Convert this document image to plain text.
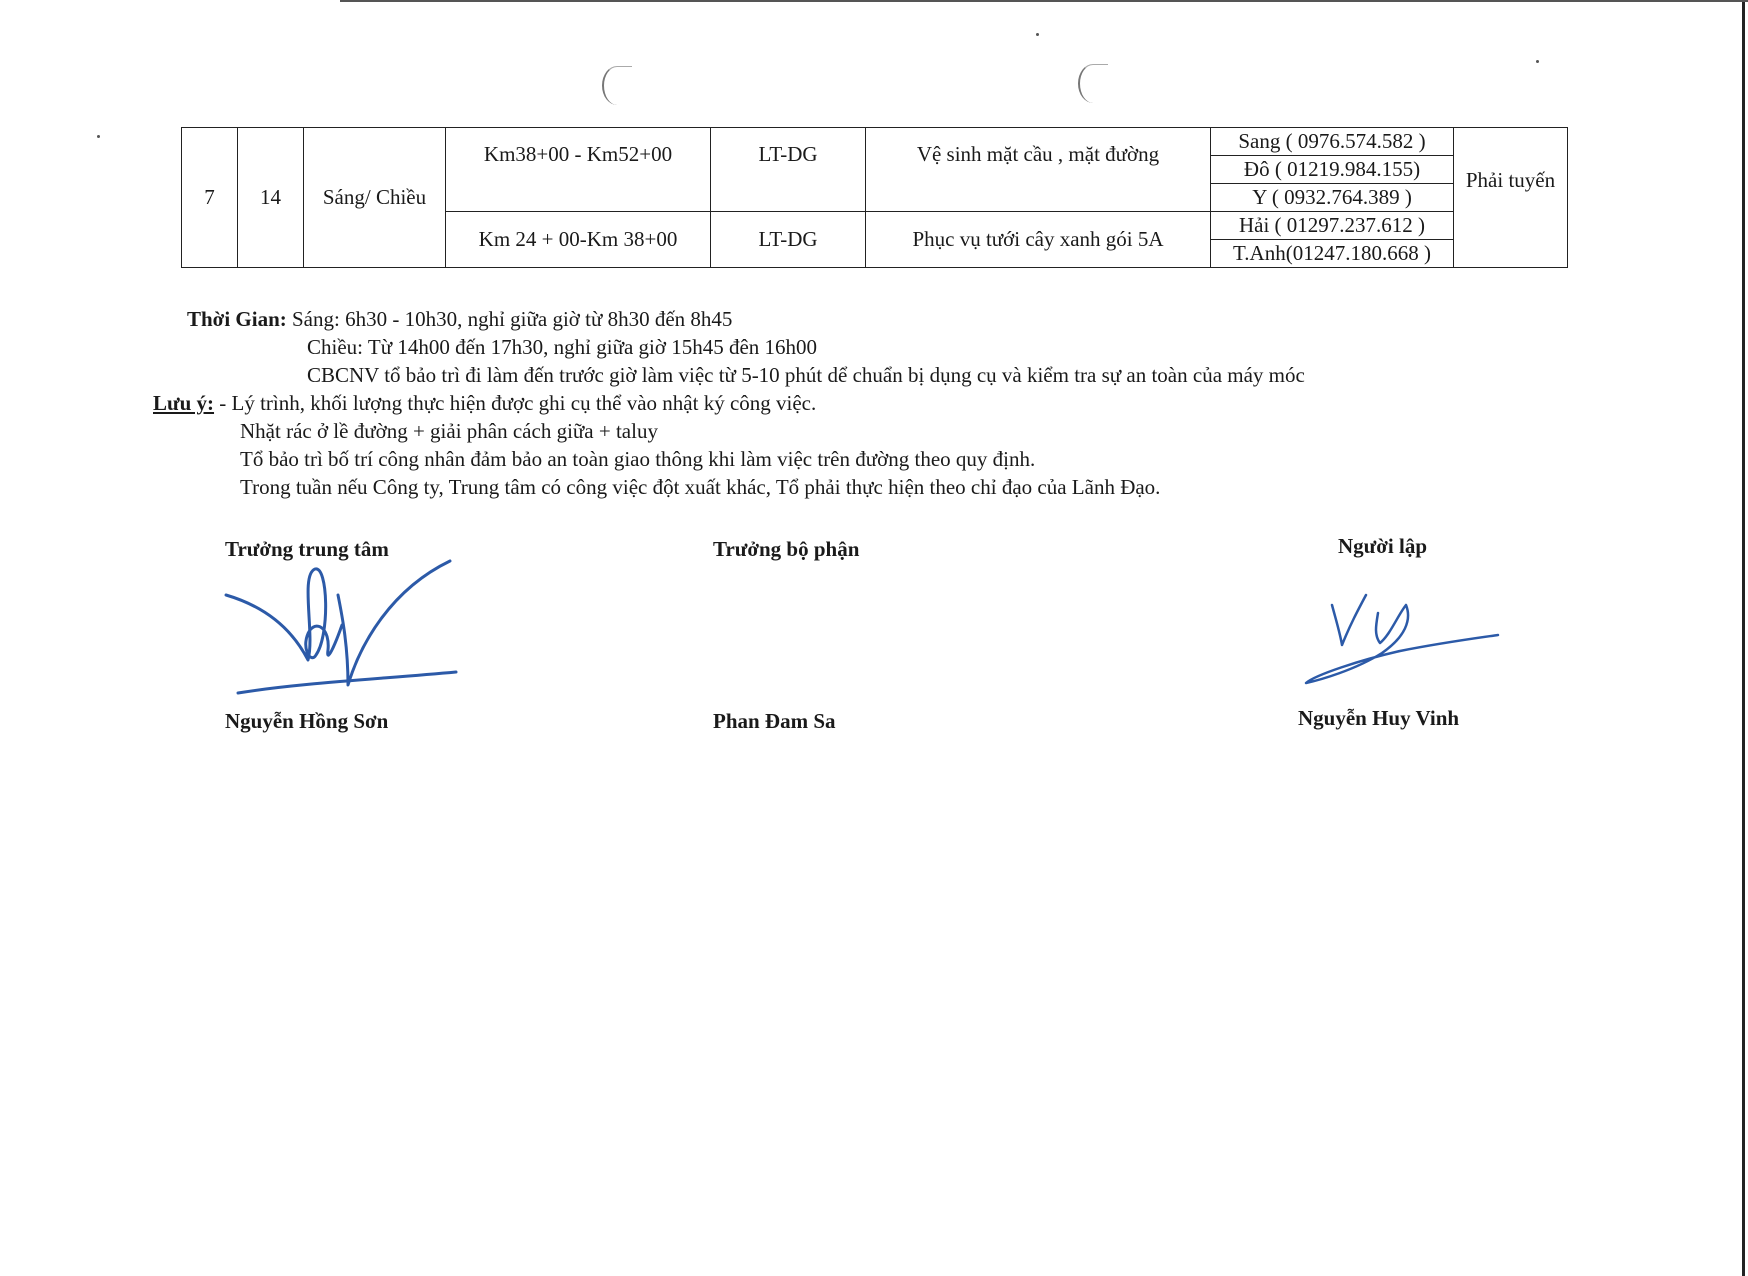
7	14	Sáng/ Chiều	Km38+00 - Km52+00	LT-DG	Vệ sinh mặt cầu , mặt đường	Sang ( 0976.574.582 )	Phải tuyến
						Đô ( 01219.984.155)	
						Y ( 0932.764.389 )	
			Km 24 + 00-Km 38+00	LT-DG	Phục vụ tưới cây xanh gói 5A	Hải ( 01297.237.612 )	
						T.Anh(01247.180.668 )	
Thời Gian: Sáng: 6h30 - 10h30, nghỉ giữa giờ từ 8h30 đến 8h45
Chiều: Từ 14h00 đến 17h30, nghỉ giữa giờ 15h45 đên 16h00
CBCNV tổ bảo trì đi làm đến trước giờ làm việc từ 5-10 phút dể chuẩn bị dụng cụ và kiểm tra sự an toàn của máy móc
Lưu ý: - Lý trình, khối lượng thực hiện được ghi cụ thể vào nhật ký công việc.
Nhặt rác ở lề đường + giải phân cách giữa + taluy
Tổ bảo trì bố trí công nhân đảm bảo an toàn giao thông khi làm việc trên đường theo quy định.
Trong tuần nếu Công ty, Trung tâm có công việc đột xuất khác, Tổ phải thực hiện theo chỉ đạo của Lãnh Đạo.
Trưởng trung tâm	Trưởng bộ phận	Người lập
Nguyễn Hồng Sơn	Phan Đam Sa	Nguyễn Huy Vinh
